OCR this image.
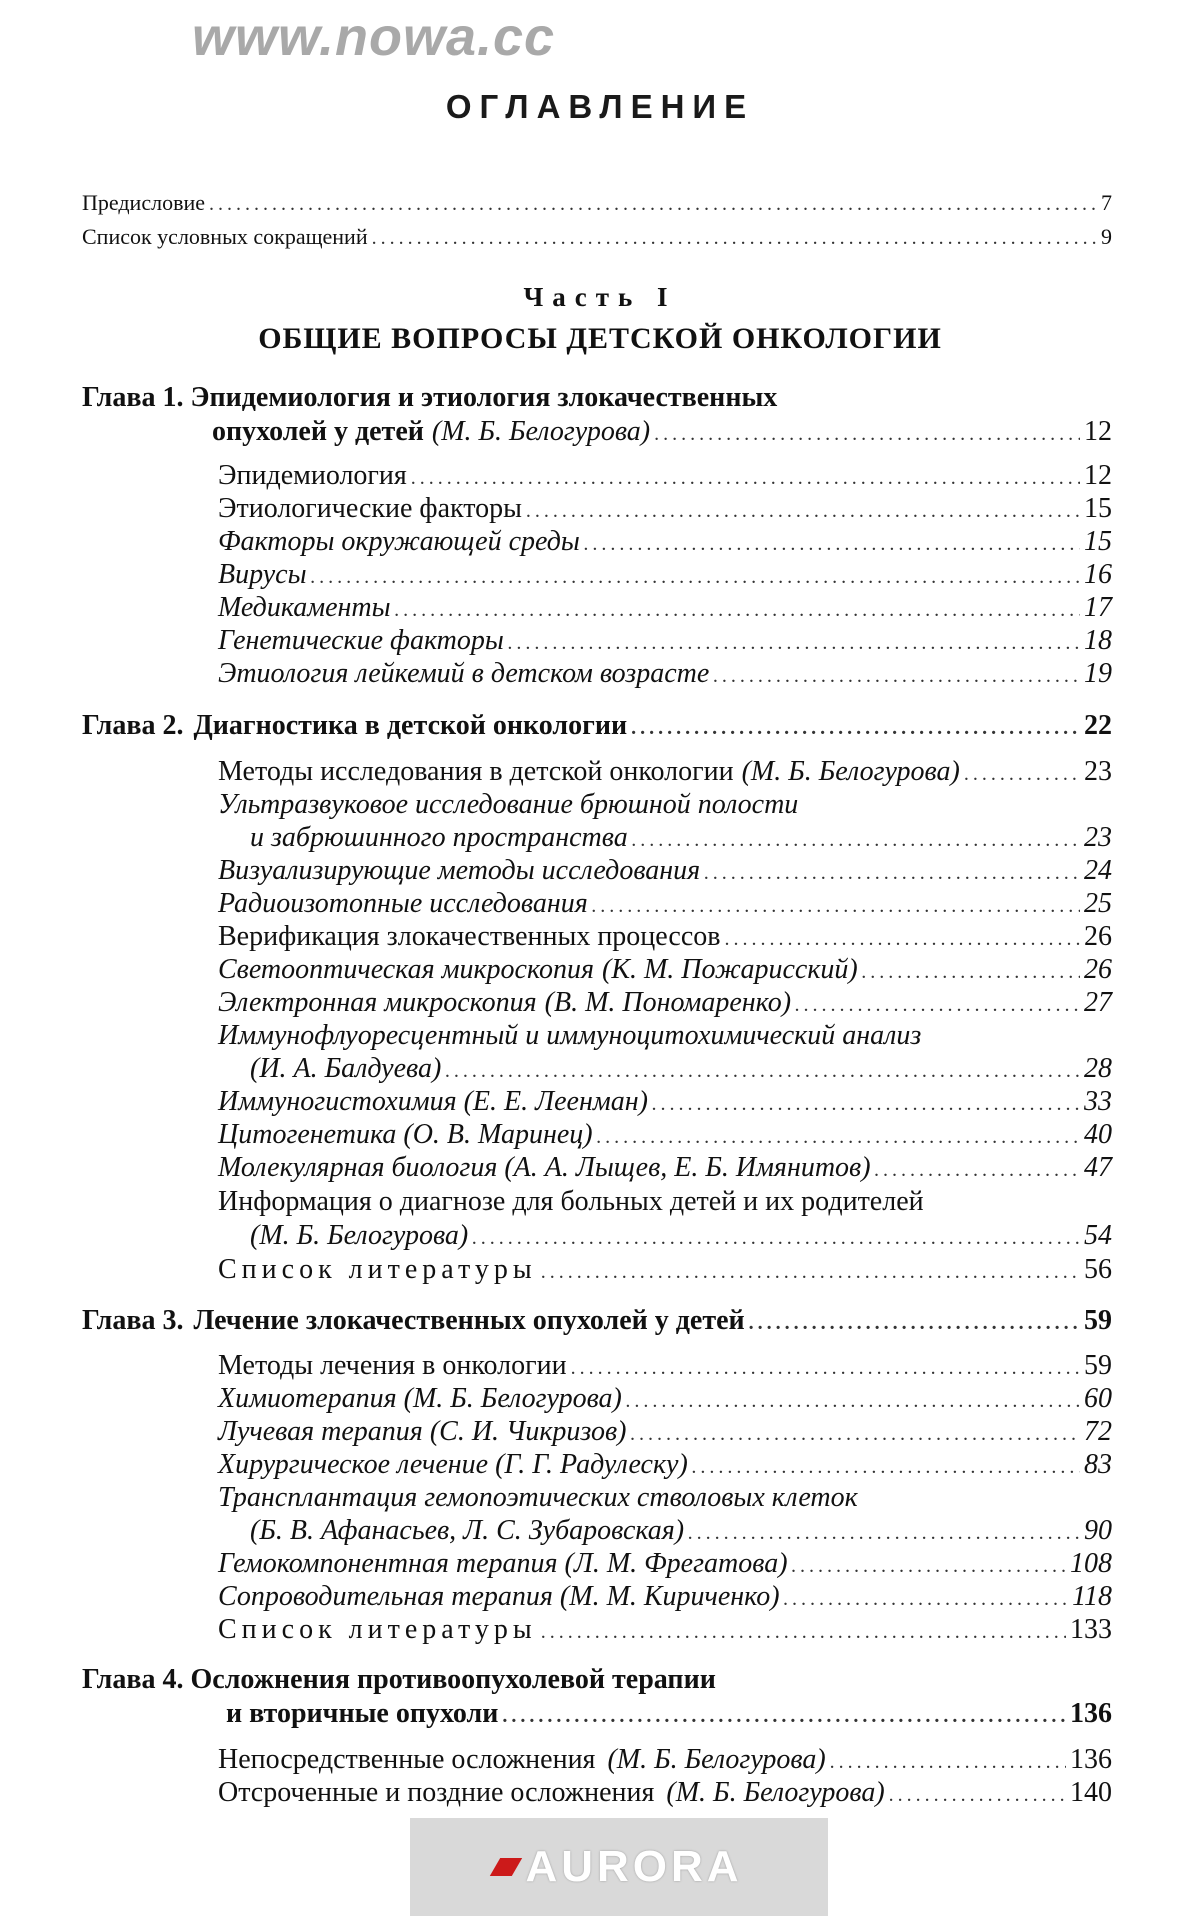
www.nowa.cc
ОГЛАВЛЕНИЕ
Предисловие .....	7
Список условных сокращений .....	9
Часть I
ОБЩИЕ ВОПРОСЫ ДЕТСКОЙ ОНКОЛОГИИ
Глава 1. Эпидемиология и этиология злокачественных
опухолей у детей (М. Б. Белогурова) .....	12
Эпидемиология .....	12
Этиологические факторы .....	15
Факторы окружающей среды .....	15
Вирусы .....	16
Медикаменты .....	17
Генетические факторы .....	18
Этиология лейкемий в детском возрасте .....	19
Глава 2. Диагностика в детской онкологии .....	22
Методы исследования в детской онкологии (М. Б. Белогурова) .....	23
Ультразвуковое исследование брюшной полости
и забрюшинного пространства .....	23
Визуализирующие методы исследования .....	24
Радиоизотопные исследования .....	25
Верификация злокачественных процессов .....	26
Светооптическая микроскопия (К. М. Пожарисский) .....	26
Электронная микроскопия (В. М. Пономаренко) .....	27
Иммунофлуоресцентный и иммуноцитохимический анализ
(И. А. Балдуева) .....	28
Иммуногистохимия (Е. Е. Леенман) .....	33
Цитогенетика (О. В. Маринец) .....	40
Молекулярная биология (А. А. Лыщев, Е. Б. Имянитов) .....	47
Информация о диагнозе для больных детей и их родителей
(М. Б. Белогурова) .....	54
Список литературы .....	56
Глава 3. Лечение злокачественных опухолей у детей .....	59
Методы лечения в онкологии .....	59
Химиотерапия (М. Б. Белогурова) .....	60
Лучевая терапия (С. И. Чикризов) .....	72
Хирургическое лечение (Г. Г. Радулеску) .....	83
Трансплантация гемопоэтических стволовых клеток
(Б. В. Афанасьев, Л. С. Зубаровская) .....	90
Гемокомпонентная терапия (Л. М. Фрегатова) .....	108
Сопроводительная терапия (М. М. Кириченко) .....	118
Список литературы .....	133
Глава 4. Осложнения противоопухолевой терапии
и вторичные опухоли .....	136
Непосредственные осложнения (М. Б. Белогурова) .....	136
Отсроченные и поздние осложнения (М. Б. Белогурова) .....	140
AURORA
